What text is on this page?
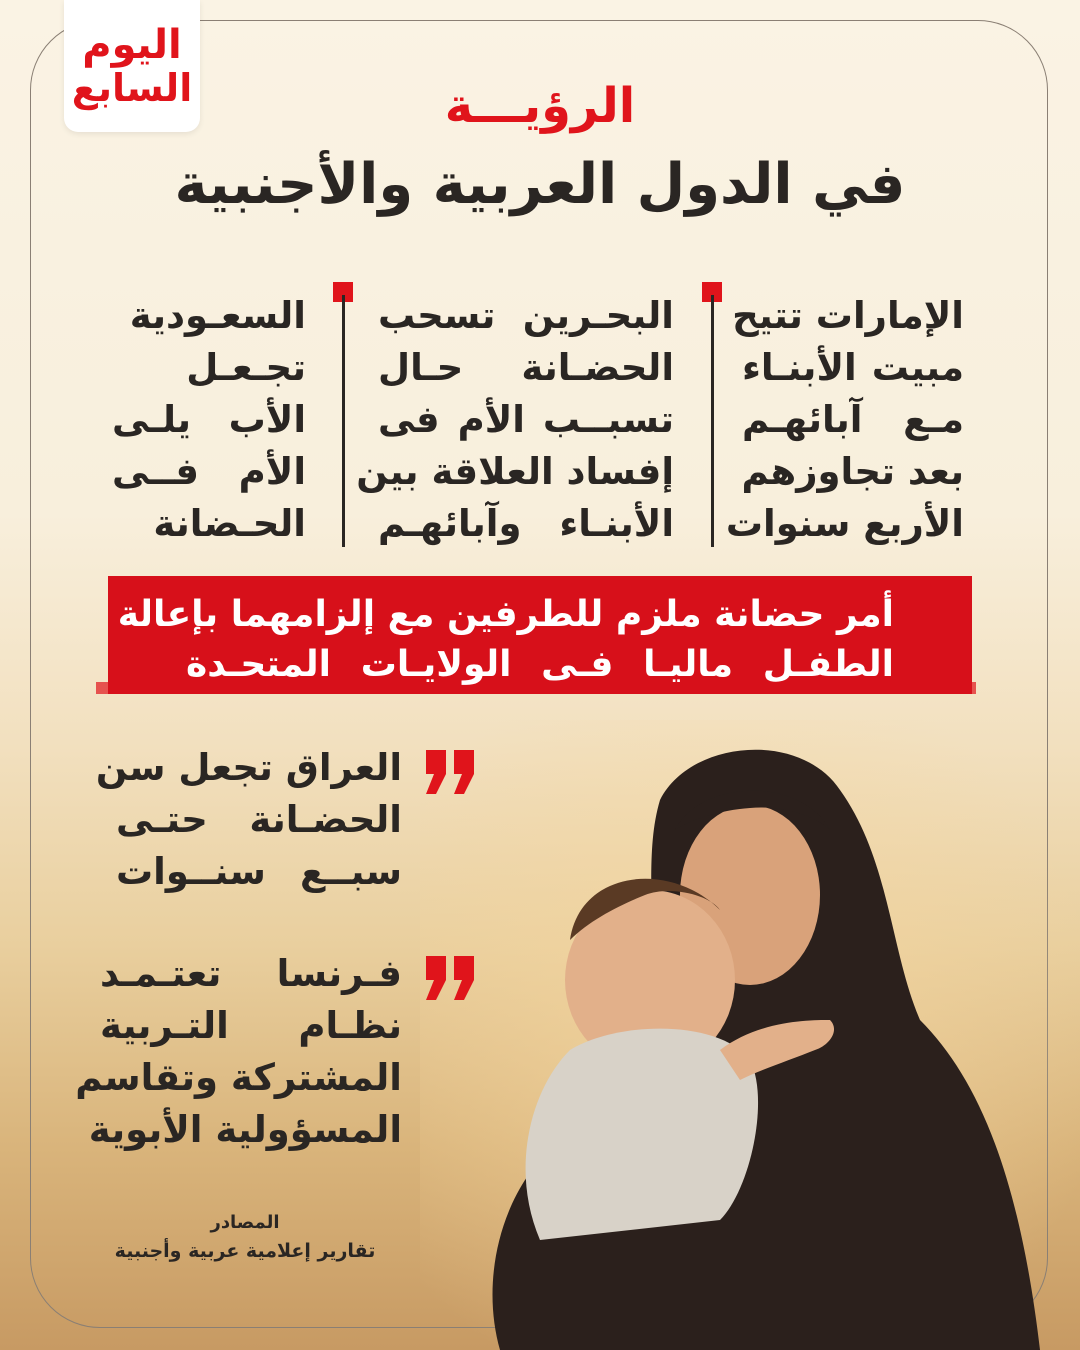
اليوم
السابع	الرؤيـــة
في الدول العربية والأجنبية
الإمارات تتيح
مبيت الأبنـاء
مـع آبائهـم
بعد تجاوزهم
الأربع سنوات
البحـرين تسحب
الحضـانة حـال
تسبــب الأم فى
إفساد العلاقة بين
الأبنـاء وآبائهـم
السعـودية
تجـعـل
الأب يلـى
الأم فــى
الحـضانة
أمر حضانة ملزم للطرفين مع إلزامهما بإعالة
الطفـل ماليـا فـى الولايـات المتحـدة
العراق تجعل سن
الحضـانة حتـى
سبــع سنــوات
فـرنسا تعتـمـد
نظـام التـربية
المشتركة وتقاسم
المسؤولية الأبوية
المصادر
تقارير إعلامية عربية وأجنبية
